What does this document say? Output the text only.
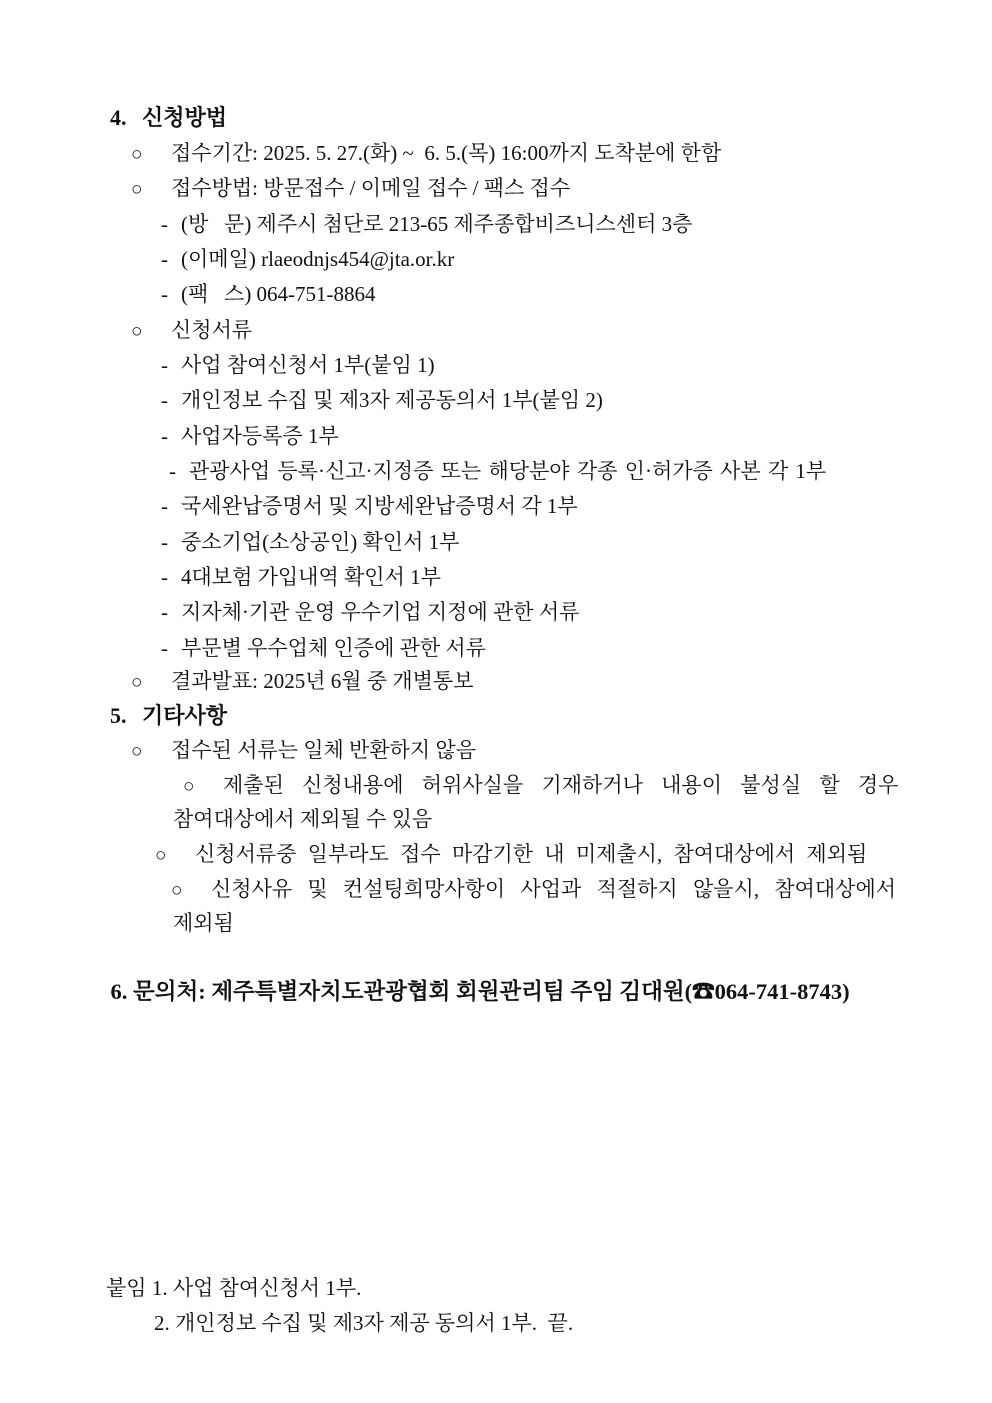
4. 신청방법

○ 접수기간: 2025. 5. 27.(화) ~  6. 5.(목) 16:00까지 도착분에 한함

○ 접수방법: 방문접수 / 이메일 접수 / 팩스 접수

- (방   문) 제주시 첨단로 213-65 제주종합비즈니스센터 3층

- (이메일) rlaeodnjs454@jta.or.kr

- (팩   스) 064-751-8864

○ 신청서류

- 사업 참여신청서 1부(붙임 1)

- 개인정보 수집 및 제3자 제공동의서 1부(붙임 2)

- 사업자등록증 1부

- 관광사업 등록·신고·지정증 또는 해당분야 각종 인·허가증 사본 각 1부

- 국세완납증명서 및 지방세완납증명서 각 1부

- 중소기업(소상공인) 확인서 1부

- 4대보험 가입내역 확인서 1부

- 지자체·기관 운영 우수기업 지정에 관한 서류

- 부문별 우수업체 인증에 관한 서류

○ 결과발표: 2025년 6월 중 개별통보

5. 기타사항

○ 접수된 서류는 일체 반환하지 않음

○ 제출된 신청내용에 허위사실을 기재하거나 내용이 불성실 할 경우

참여대상에서 제외될 수 있음

○ 신청서류중 일부라도 접수 마감기한 내 미제출시, 참여대상에서 제외됨

○ 신청사유 및 컨설팅희망사항이 사업과 적절하지 않을시, 참여대상에서

제외됨

6. 문의처: 제주특별자치도관광협회 회원관리팀 주임 김대원(☎064-741-8743)

붙임 1. 사업 참여신청서 1부.

2. 개인정보 수집 및 제3자 제공 동의서 1부.  끝.
